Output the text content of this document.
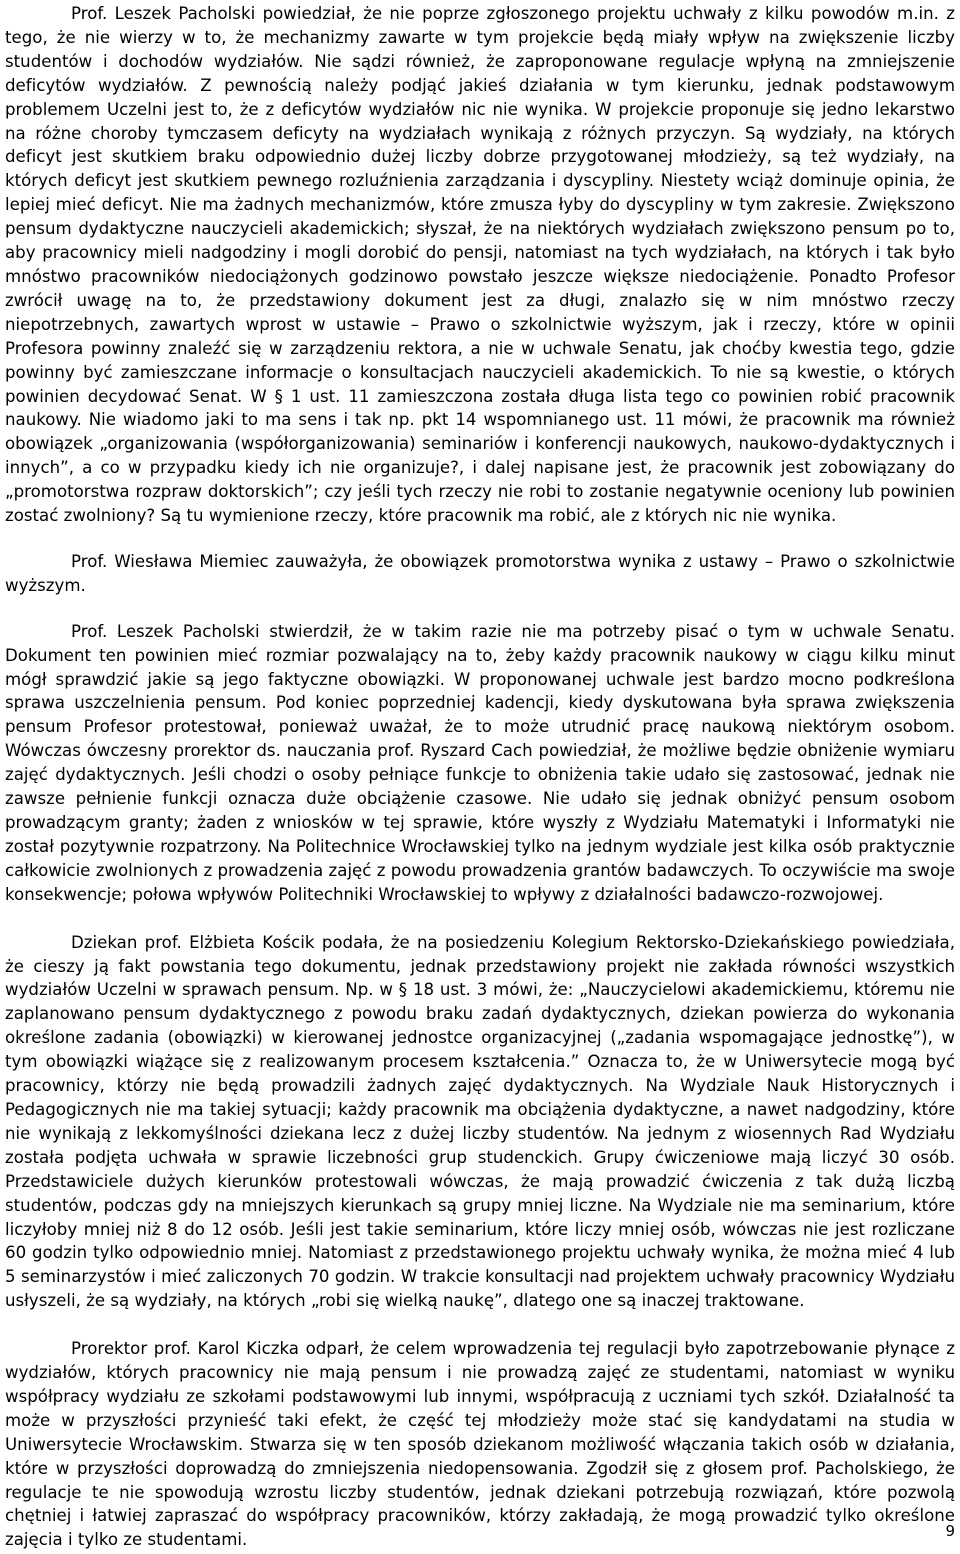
Prof. Leszek Pacholski powiedział, że nie poprze zgłoszonego projektu uchwały z kilku powodów m.in. z tego, że nie wierzy w to, że mechanizmy zawarte w tym projekcie będą miały wpływ na zwiększenie liczby studentów i dochodów wydziałów. Nie sądzi również, że zaproponowane regulacje wpłyną na zmniejszenie deficytów wydziałów. Z pewnością należy podjąć jakieś działania w tym kierunku, jednak podstawowym problemem Uczelni jest to, że z deficytów wydziałów nic nie wynika. W projekcie proponuje się jedno lekarstwo na różne choroby tymczasem deficyty na wydziałach wynikają z różnych przyczyn. Są wydziały, na których deficyt jest skutkiem braku odpowiednio dużej liczby dobrze przygotowanej młodzieży, są też wydziały, na których deficyt jest skutkiem pewnego rozluźnienia zarządzania i dyscypliny. Niestety wciąż dominuje opinia, że lepiej mieć deficyt. Nie ma żadnych mechanizmów, które zmusza łyby do dyscypliny w tym zakresie. Zwiększono pensum dydaktyczne nauczycieli akademickich; słyszał, że na niektórych wydziałach zwiększono pensum po to, aby pracownicy mieli nadgodziny i mogli dorobić do pensji, natomiast na tych wydziałach, na których i tak było mnóstwo pracowników niedociążonych godzinowo powstało jeszcze większe niedociążenie. Ponadto Profesor zwrócił uwagę na to, że przedstawiony dokument jest za długi, znalazło się w nim mnóstwo rzeczy niepotrzebnych, zawartych wprost w ustawie – Prawo o szkolnictwie wyższym, jak i rzeczy, które w opinii Profesora powinny znaleźć się w zarządzeniu rektora, a nie w uchwale Senatu, jak choćby kwestia tego, gdzie powinny być zamieszczane informacje o konsultacjach nauczycieli akademickich. To nie są kwestie, o których powinien decydować Senat. W § 1 ust. 11 zamieszczona została długa lista tego co powinien robić pracownik naukowy. Nie wiadomo jaki to ma sens i tak np. pkt 14 wspomnianego ust. 11 mówi, że pracownik ma również obowiązek „organizowania (współorganizowania) seminariów i konferencji naukowych, naukowo-dydaktycznych i innych”, a co w przypadku kiedy ich nie organizuje?, i dalej napisane jest, że pracownik jest zobowiązany do „promotorstwa rozpraw doktorskich”; czy jeśli tych rzeczy nie robi to zostanie negatywnie oceniony lub powinien zostać zwolniony? Są tu wymienione rzeczy, które pracownik ma robić, ale z których nic nie wynika.

Prof. Wiesława Miemiec zauważyła, że obowiązek promotorstwa wynika z ustawy – Prawo o szkolnictwie wyższym.

Prof. Leszek Pacholski stwierdził, że w takim razie nie ma potrzeby pisać o tym w uchwale Senatu. Dokument ten powinien mieć rozmiar pozwalający na to, żeby każdy pracownik naukowy w ciągu kilku minut mógł sprawdzić jakie są jego faktyczne obowiązki. W proponowanej uchwale jest bardzo mocno podkreślona sprawa uszczelnienia pensum. Pod koniec poprzedniej kadencji, kiedy dyskutowana była sprawa zwiększenia pensum Profesor protestował, ponieważ uważał, że to może utrudnić pracę naukową niektórym osobom. Wówczas ówczesny prorektor ds. nauczania prof. Ryszard Cach powiedział, że możliwe będzie obniżenie wymiaru zajęć dydaktycznych. Jeśli chodzi o osoby pełniące funkcje to obniżenia takie udało się zastosować, jednak nie zawsze pełnienie funkcji oznacza duże obciążenie czasowe. Nie udało się jednak obniżyć pensum osobom prowadzącym granty; żaden z wniosków w tej sprawie, które wyszły z Wydziału Matematyki i Informatyki nie został pozytywnie rozpatrzony. Na Politechnice Wrocławskiej tylko na jednym wydziale jest kilka osób praktycznie całkowicie zwolnionych z prowadzenia zajęć z powodu prowadzenia grantów badawczych. To oczywiście ma swoje konsekwencje; połowa wpływów Politechniki Wrocławskiej to wpływy z działalności badawczo-rozwojowej.

Dziekan prof. Elżbieta Kościk podała, że na posiedzeniu Kolegium Rektorsko-Dziekańskiego powiedziała, że cieszy ją fakt powstania tego dokumentu, jednak przedstawiony projekt nie zakłada równości wszystkich wydziałów Uczelni w sprawach pensum. Np. w § 18 ust. 3 mówi, że: „Nauczycielowi akademickiemu, któremu nie zaplanowano pensum dydaktycznego z powodu braku zadań dydaktycznych, dziekan powierza do wykonania określone zadania (obowiązki) w kierowanej jednostce organizacyjnej („zadania wspomagające jednostkę”), w tym obowiązki wiążące się z realizowanym procesem kształcenia.” Oznacza to, że w Uniwersytecie mogą być pracownicy, którzy nie będą prowadzili żadnych zajęć dydaktycznych. Na Wydziale Nauk Historycznych i Pedagogicznych nie ma takiej sytuacji; każdy pracownik ma obciążenia dydaktyczne, a nawet nadgodziny, które nie wynikają z lekkomyślności dziekana lecz z dużej liczby studentów. Na jednym z wiosennych Rad Wydziału została podjęta uchwała w sprawie liczebności grup studenckich. Grupy ćwiczeniowe mają liczyć 30 osób. Przedstawiciele dużych kierunków protestowali wówczas, że mają prowadzić ćwiczenia z tak dużą liczbą studentów, podczas gdy na mniejszych kierunkach są grupy mniej liczne. Na Wydziale nie ma seminarium, które liczyłoby mniej niż 8 do 12 osób. Jeśli jest takie seminarium, które liczy mniej osób, wówczas nie jest rozliczane 60 godzin tylko odpowiednio mniej. Natomiast z przedstawionego projektu uchwały wynika, że można mieć 4 lub 5 seminarzystów i mieć zaliczonych 70 godzin. W trakcie konsultacji nad projektem uchwały pracownicy Wydziału usłyszeli, że są wydziały, na których „robi się wielką naukę”, dlatego one są inaczej traktowane.

Prorektor prof. Karol Kiczka odparł, że celem wprowadzenia tej regulacji było zapotrzebowanie płynące z wydziałów, których pracownicy nie mają pensum i nie prowadzą zajęć ze studentami, natomiast w wyniku współpracy wydziału ze szkołami podstawowymi lub innymi, współpracują z uczniami tych szkół. Działalność ta może w przyszłości przynieść taki efekt, że część tej młodzieży może stać się kandydatami na studia w Uniwersytecie Wrocławskim. Stwarza się w ten sposób dziekanom możliwość włączania takich osób w działania, które w przyszłości doprowadzą do zmniejszenia niedopensowania. Zgodził się z głosem prof. Pacholskiego, że regulacje te nie spowodują wzrostu liczby studentów, jednak dziekani potrzebują rozwiązań, które pozwolą chętniej i łatwiej zapraszać do współpracy pracowników, którzy zakładają, że mogą prowadzić tylko określone zajęcia i tylko ze studentami.	9
